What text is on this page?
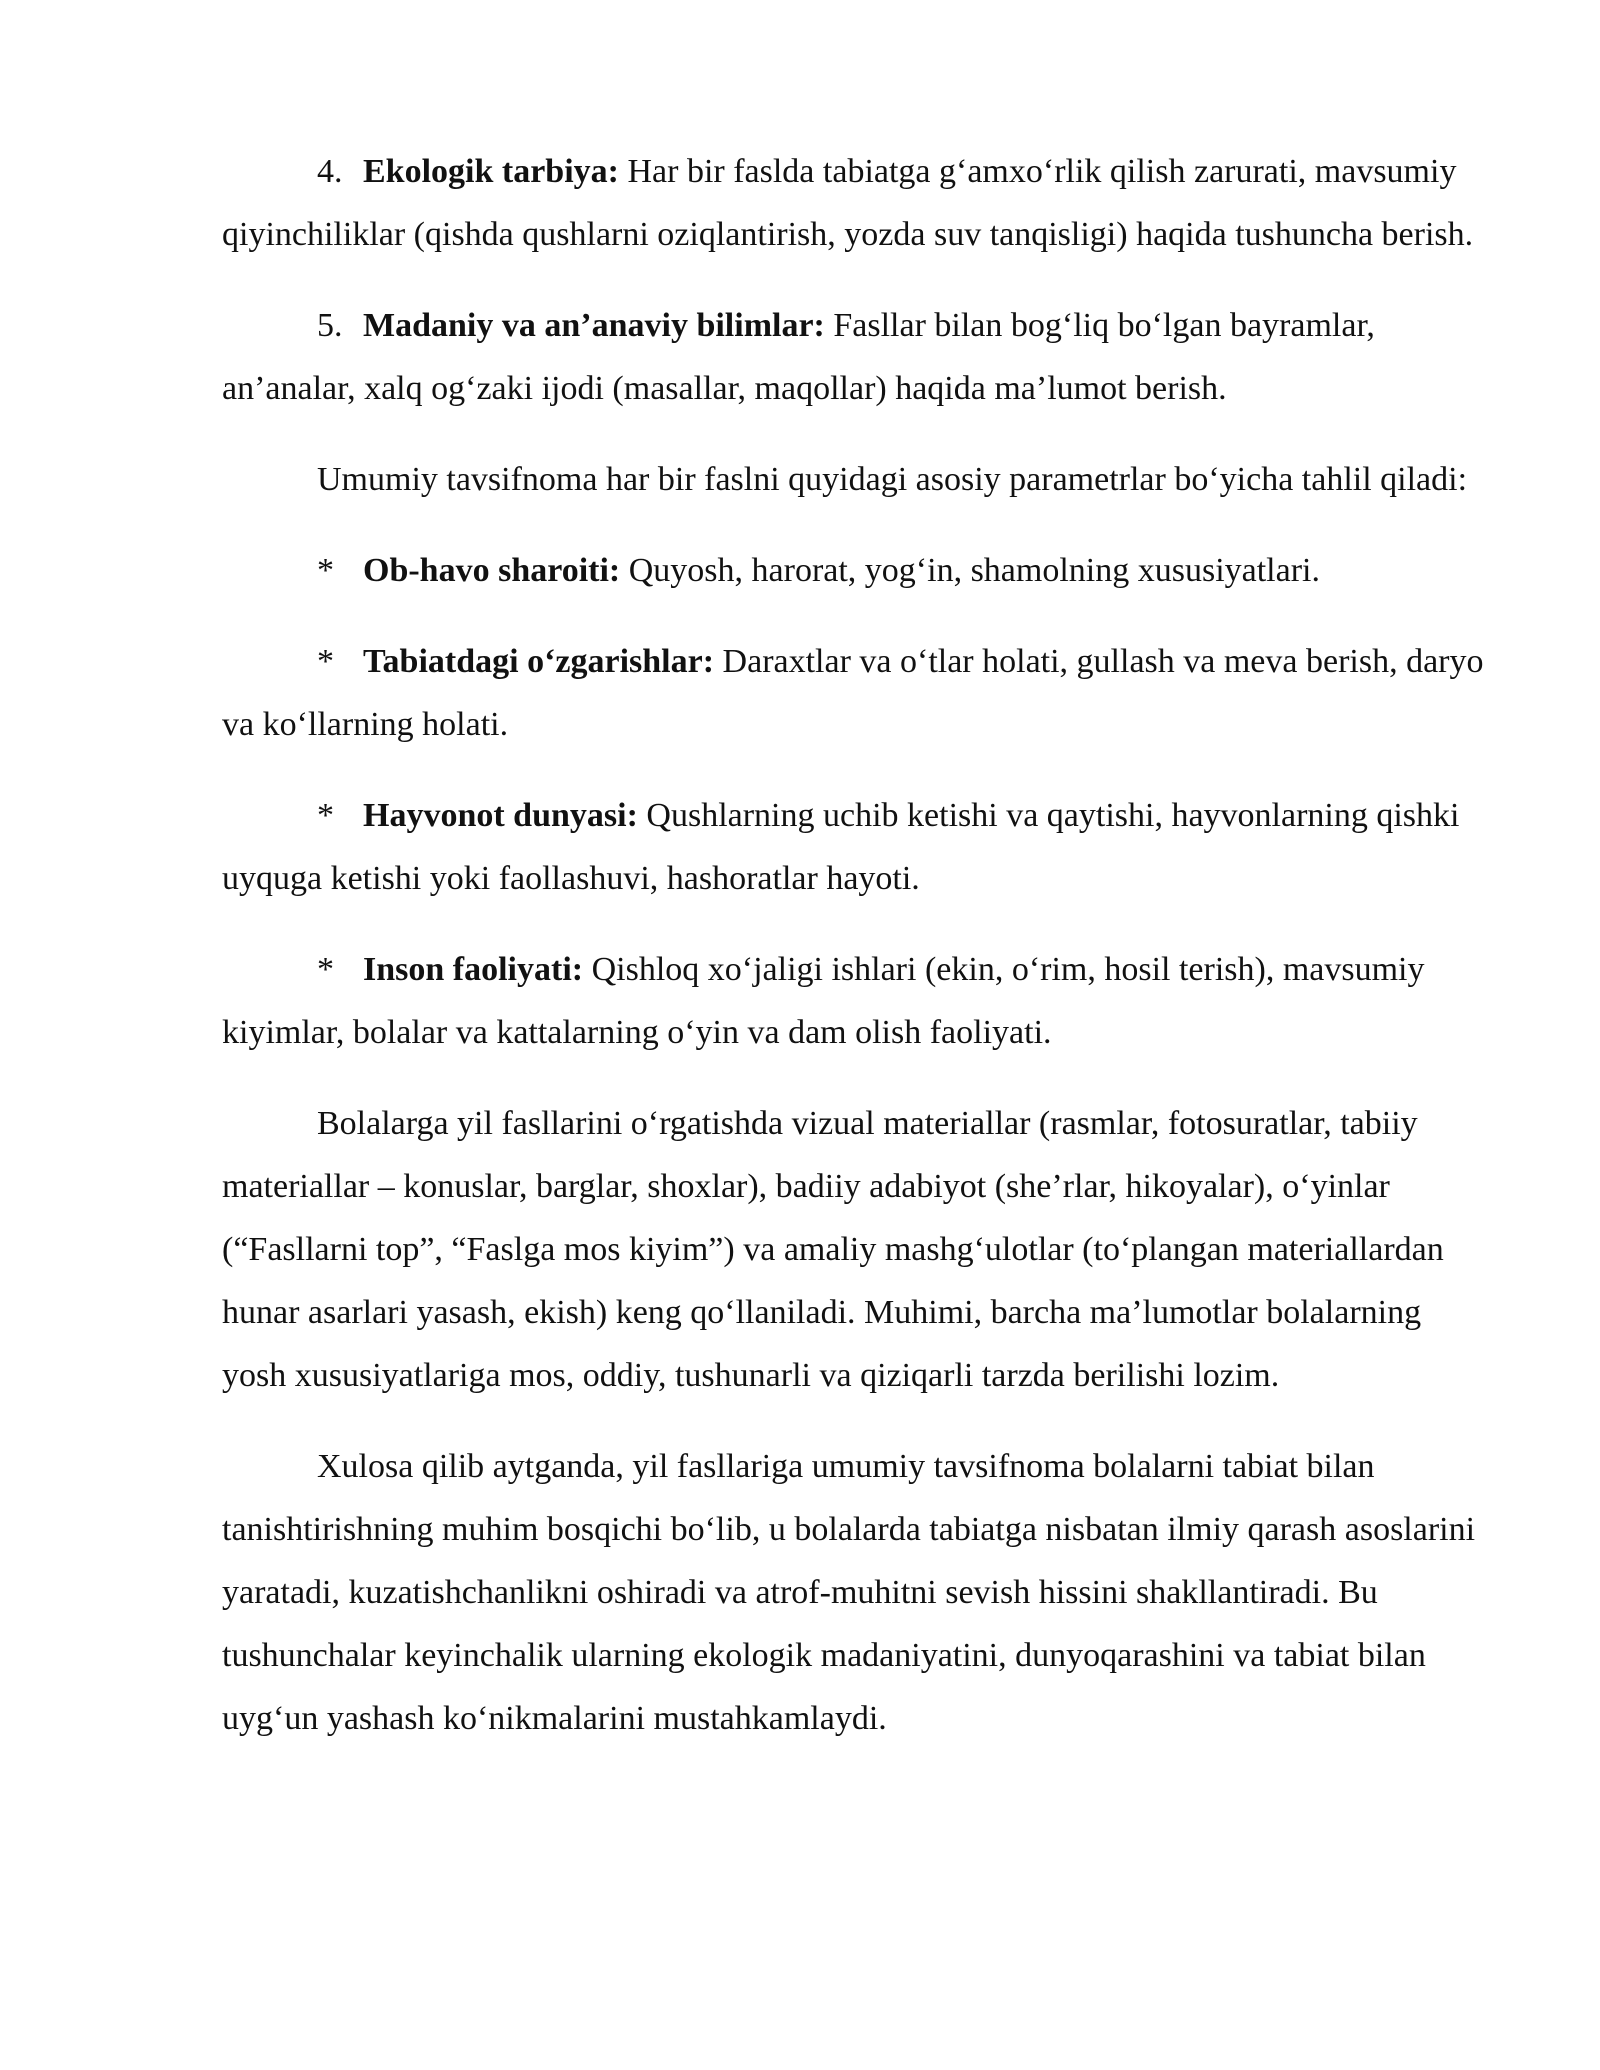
4. Ekologik tarbiya: Har bir faslda tabiatga g‘amxo‘rlik qilish zarurati, mavsumiy qiyinchiliklar (qishda qushlarni oziqlantirish, yozda suv tanqisligi) haqida tushuncha berish.

5. Madaniy va an’anaviy bilimlar: Fasllar bilan bog‘liq bo‘lgan bayramlar, an’analar, xalq og‘zaki ijodi (masallar, maqollar) haqida ma’lumot berish.

Umumiy tavsifnoma har bir faslni quyidagi asosiy parametrlar bo‘yicha tahlil qiladi:

* Ob-havo sharoiti: Quyosh, harorat, yog‘in, shamolning xususiyatlari.

* Tabiatdagi o‘zgarishlar: Daraxtlar va o‘tlar holati, gullash va meva berish, daryo va ko‘llarning holati.

* Hayvonot dunyasi: Qushlarning uchib ketishi va qaytishi, hayvonlarning qishki uyquga ketishi yoki faollashuvi, hashoratlar hayoti.

* Inson faoliyati: Qishloq xo‘jaligi ishlari (ekin, o‘rim, hosil terish), mavsumiy kiyimlar, bolalar va kattalarning o‘yin va dam olish faoliyati.

Bolalarga yil fasllarini o‘rgatishda vizual materiallar (rasmlar, fotosuratlar, tabiiy materiallar – konuslar, barglar, shoxlar), badiiy adabiyot (she’rlar, hikoyalar), o‘yinlar (“Fasllarni top”, “Faslga mos kiyim”) va amaliy mashg‘ulotlar (to‘plangan materiallardan hunar asarlari yasash, ekish) keng qo‘llaniladi. Muhimi, barcha ma’lumotlar bolalarning yosh xususiyatlariga mos, oddiy, tushunarli va qiziqarli tarzda berilishi lozim.

Xulosa qilib aytganda, yil fasllariga umumiy tavsifnoma bolalarni tabiat bilan tanishtirishning muhim bosqichi bo‘lib, u bolalarda tabiatga nisbatan ilmiy qarash asoslarini yaratadi, kuzatishchanlikni oshiradi va atrof-muhitni sevish hissini shakllantiradi. Bu tushunchalar keyinchalik ularning ekologik madaniyatini, dunyoqarashini va tabiat bilan uyg‘un yashash ko‘nikmalarini mustahkamlaydi.
